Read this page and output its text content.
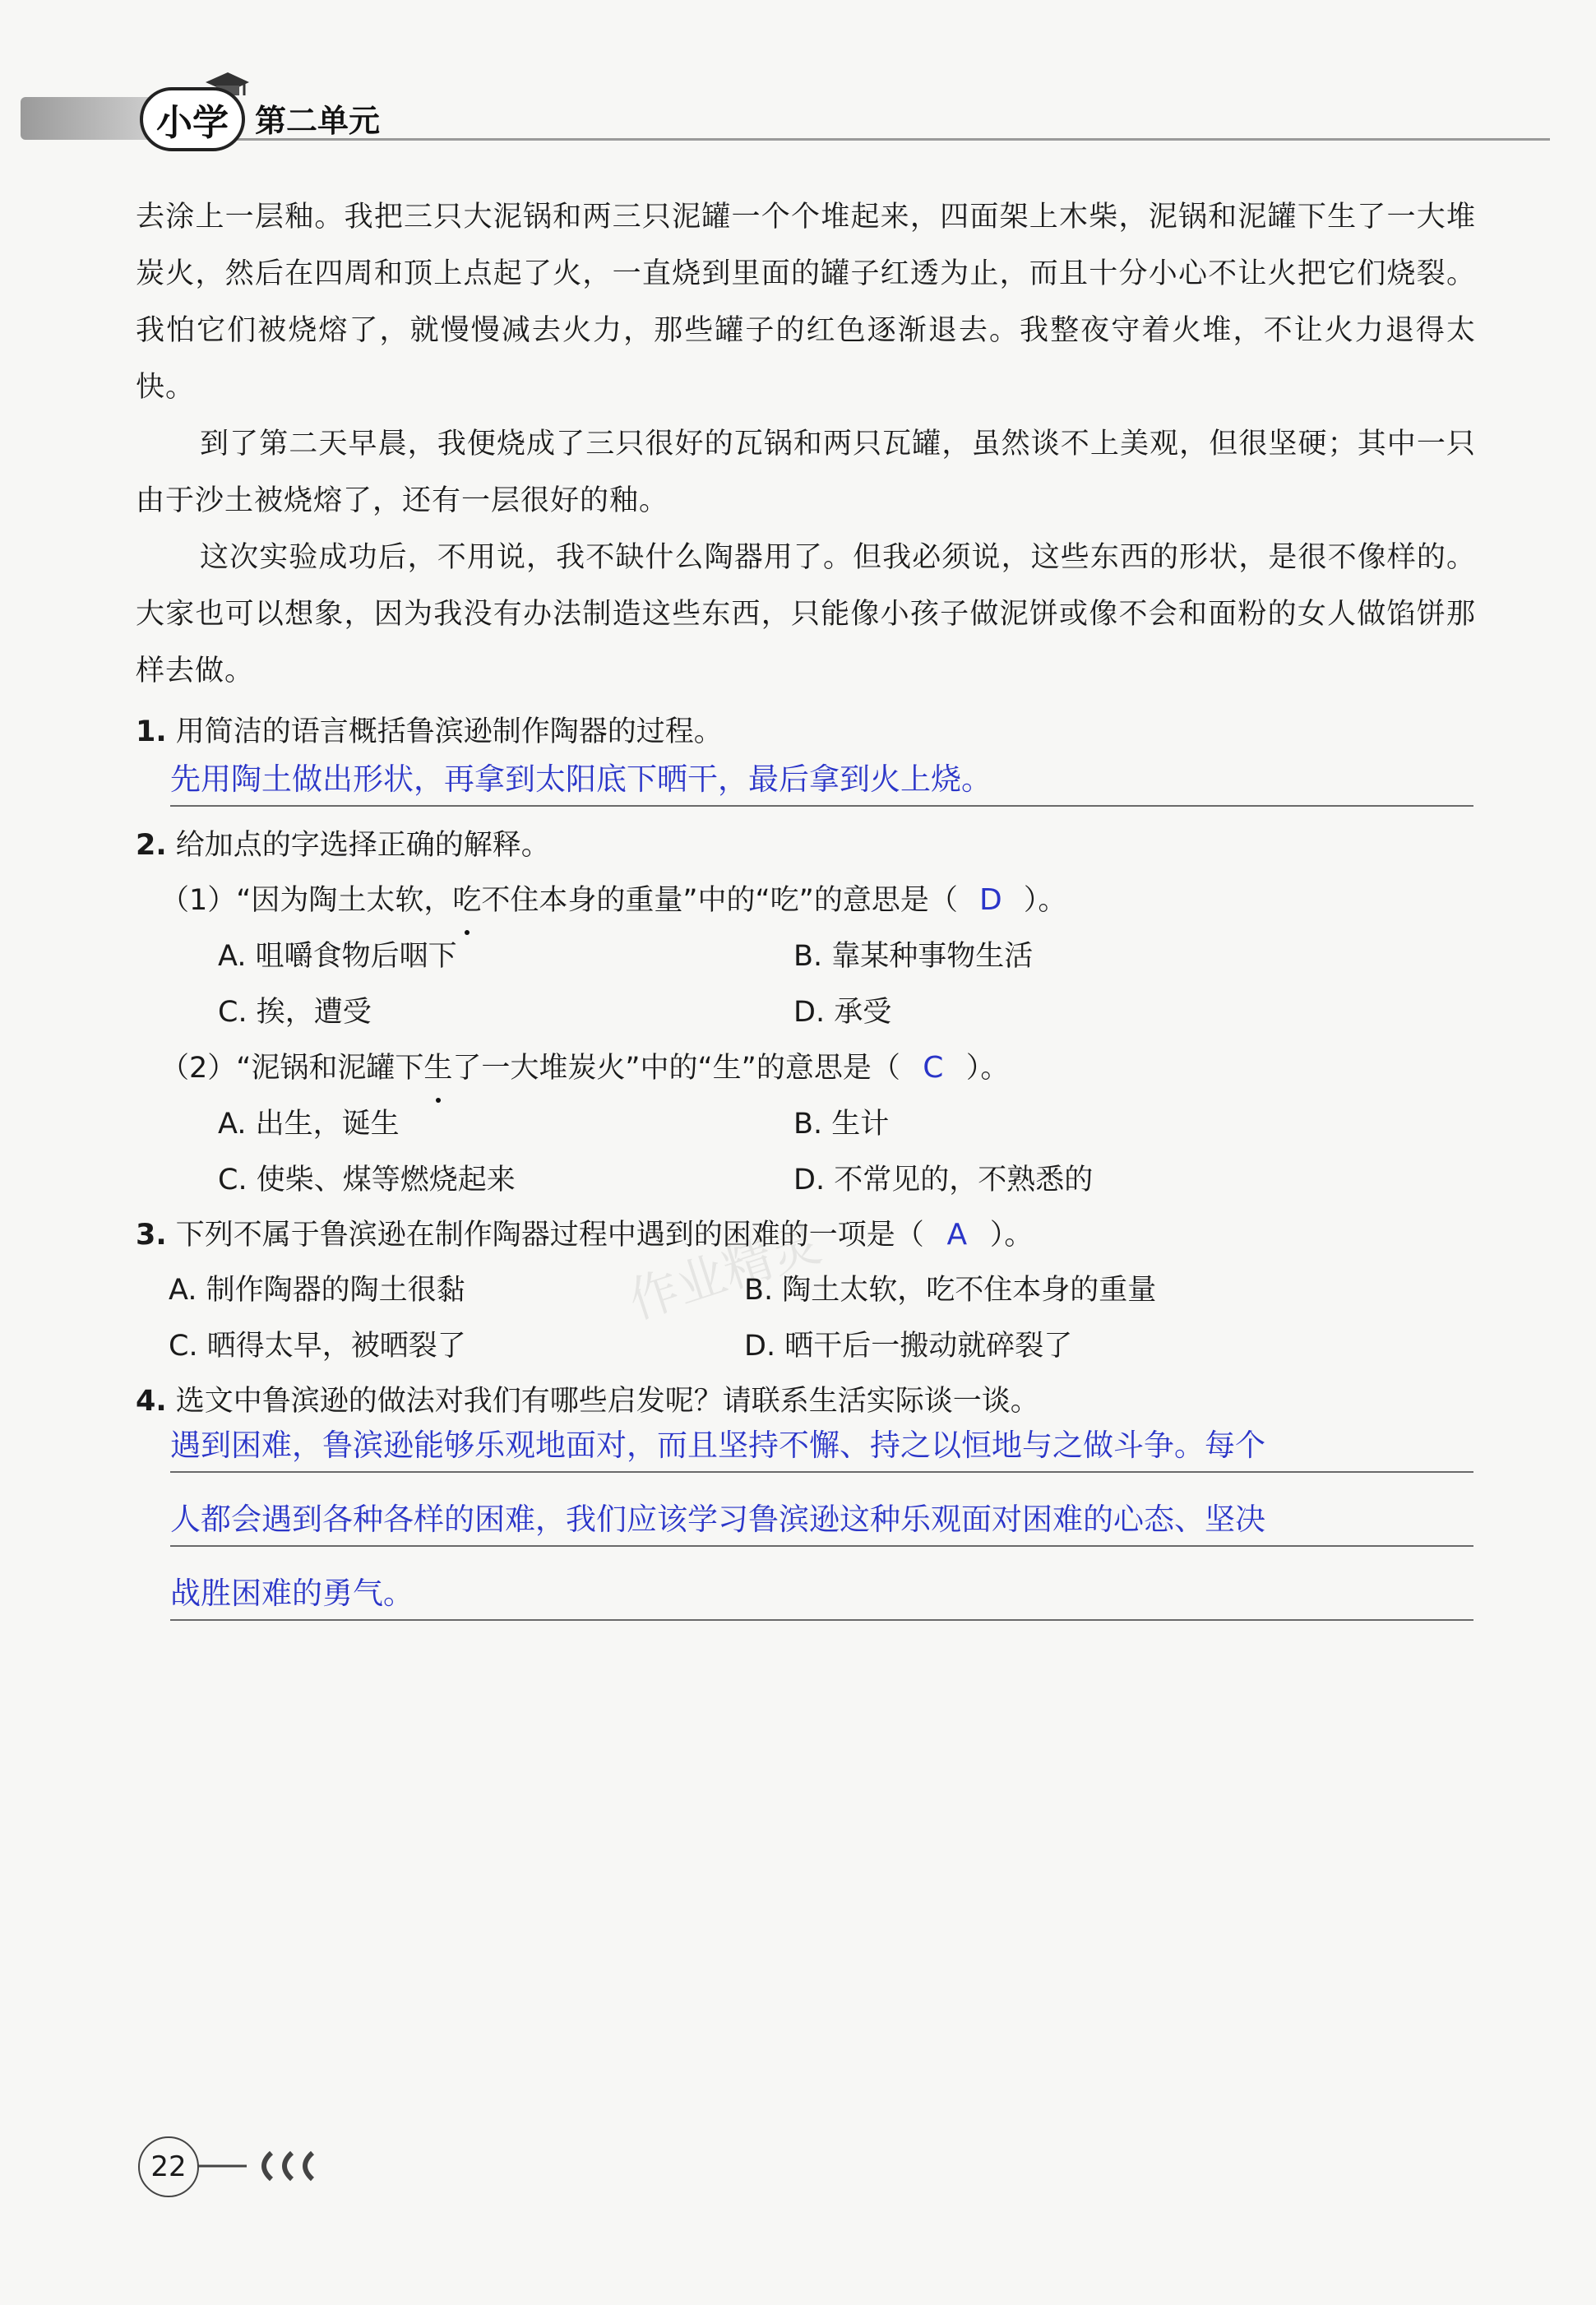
小学 第二单元
作业精灵

去涂上一层釉。我把三只大泥锅和两三只泥罐一个个堆起来，四面架上木柴，泥锅和泥罐下生了一大堆炭火，然后在四周和顶上点起了火，一直烧到里面的罐子红透为止，而且十分小心不让火把它们烧裂。我怕它们被烧熔了，就慢慢减去火力，那些罐子的红色逐渐退去。我整夜守着火堆，不让火力退得太快。

到了第二天早晨，我便烧成了三只很好的瓦锅和两只瓦罐，虽然谈不上美观，但很坚硬；其中一只由于沙土被烧熔了，还有一层很好的釉。

这次实验成功后，不用说，我不缺什么陶器用了。但我必须说，这些东西的形状，是很不像样的。大家也可以想象，因为我没有办法制造这些东西，只能像小孩子做泥饼或像不会和面粉的女人做馅饼那样去做。

1. 用简洁的语言概括鲁滨逊制作陶器的过程。

先用陶土做出形状，再拿到太阳底下晒干，最后拿到火上烧。

2. 给加点的字选择正确的解释。

（1）“因为陶土太软，吃不住本身的重量”中的“吃”的意思是（ D ）。

A. 咀嚼食物后咽下	B. 靠某种事物生活
C. 挨，遭受	D. 承受

（2）“泥锅和泥罐下生了一大堆炭火”中的“生”的意思是（ C ）。

A. 出生，诞生	B. 生计
C. 使柴、煤等燃烧起来	D. 不常见的，不熟悉的

3. 下列不属于鲁滨逊在制作陶器过程中遇到的困难的一项是（ A ）。

A. 制作陶器的陶土很黏	B. 陶土太软，吃不住本身的重量
C. 晒得太早，被晒裂了	D. 晒干后一搬动就碎裂了

4. 选文中鲁滨逊的做法对我们有哪些启发呢？请联系生活实际谈一谈。

遇到困难，鲁滨逊能够乐观地面对，而且坚持不懈、持之以恒地与之做斗争。每个
人都会遇到各种各样的困难，我们应该学习鲁滨逊这种乐观面对困难的心态、坚决
战胜困难的勇气。
22
